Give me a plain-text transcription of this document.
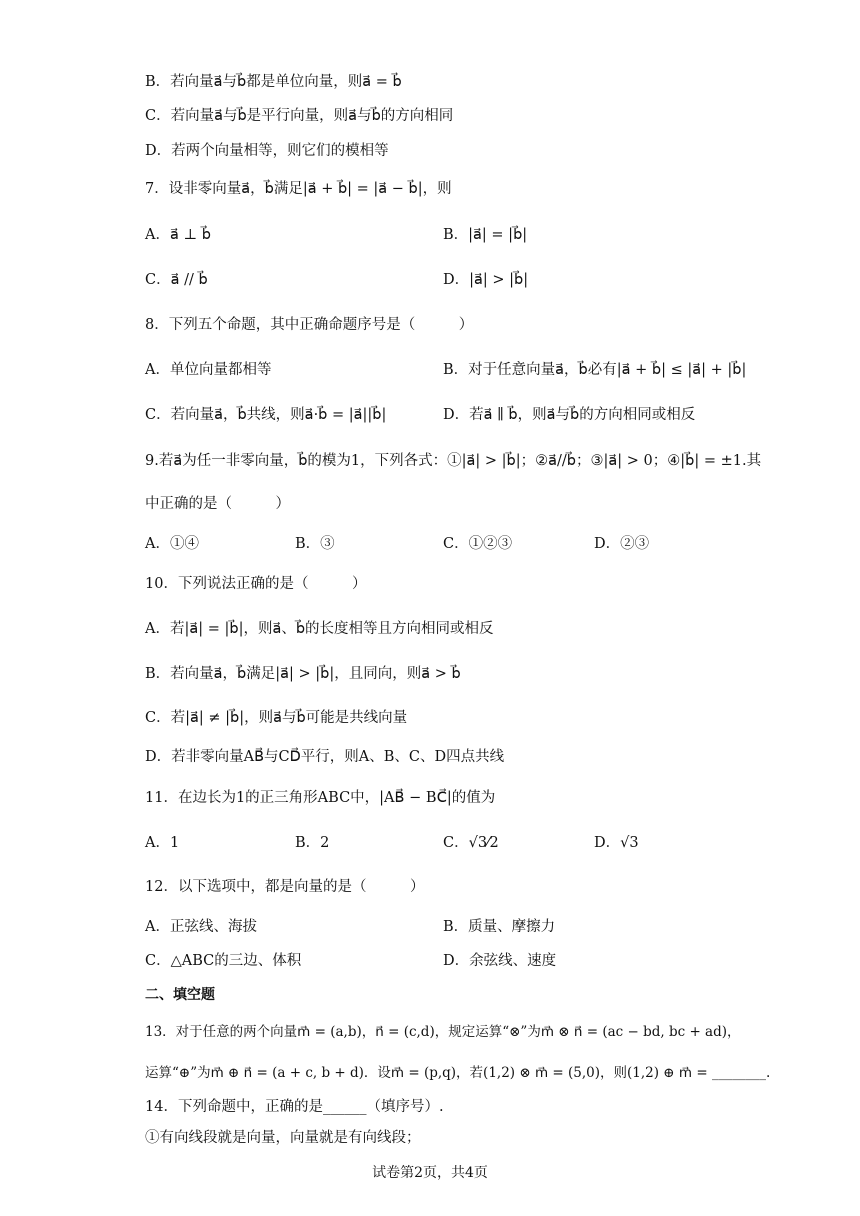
B．若向量a⃗与b⃗都是单位向量，则a⃗ = b⃗
C．若向量a⃗与b⃗是平行向量，则a⃗与b⃗的方向相同
D．若两个向量相等，则它们的模相等
7．设非零向量a⃗，b⃗满足|a⃗ + b⃗| = |a⃗ − b⃗|，则
A．a⃗ ⊥ b⃗	B．|a⃗| = |b⃗|
C．a⃗ // b⃗	D．|a⃗| > |b⃗|
8．下列五个命题，其中正确命题序号是（　　　）
A．单位向量都相等	B．对于任意向量a⃗，b⃗必有|a⃗ + b⃗| ≤ |a⃗| + |b⃗|
C．若向量a⃗，b⃗共线，则a⃗·b⃗ = |a⃗||b⃗|	D．若a⃗ ∥ b⃗，则a⃗与b⃗的方向相同或相反
9.若a⃗为任一非零向量，b⃗的模为1，下列各式：①|a⃗| > |b⃗|；②a⃗//b⃗；③|a⃗| > 0；④|b⃗| = ±1.其
中正确的是（　　　）
A．①④	B．③	C．①②③	D．②③
10．下列说法正确的是（　　　）
A．若|a⃗| = |b⃗|，则a⃗、b⃗的长度相等且方向相同或相反
B．若向量a⃗，b⃗满足|a⃗| > |b⃗|，且同向，则a⃗ > b⃗
C．若|a⃗| ≠ |b⃗|，则a⃗与b⃗可能是共线向量
D．若非零向量AB⃗与CD⃗平行，则A、B、C、D四点共线
11．在边长为1的正三角形ABC中，|AB⃗ − BC⃗|的值为
A．1	B．2	C．√3⁄2	D．√3
12．以下选项中，都是向量的是（　　　）
A．正弦线、海拔	B．质量、摩擦力
C．△ABC的三边、体积	D．余弦线、速度
二、填空题
13．对于任意的两个向量m⃗ = (a,b)，n⃗ = (c,d)，规定运算“⊗”为m⃗ ⊗ n⃗ = (ac − bd, bc + ad)，
运算“⊕”为m⃗ ⊕ n⃗ = (a + c, b + d)．设m⃗ = (p,q)，若(1,2) ⊗ m⃗ = (5,0)，则(1,2) ⊕ m⃗ = ________.
14．下列命题中，正确的是______（填序号）.
①有向线段就是向量，向量就是有向线段；
试卷第2页，共4页
